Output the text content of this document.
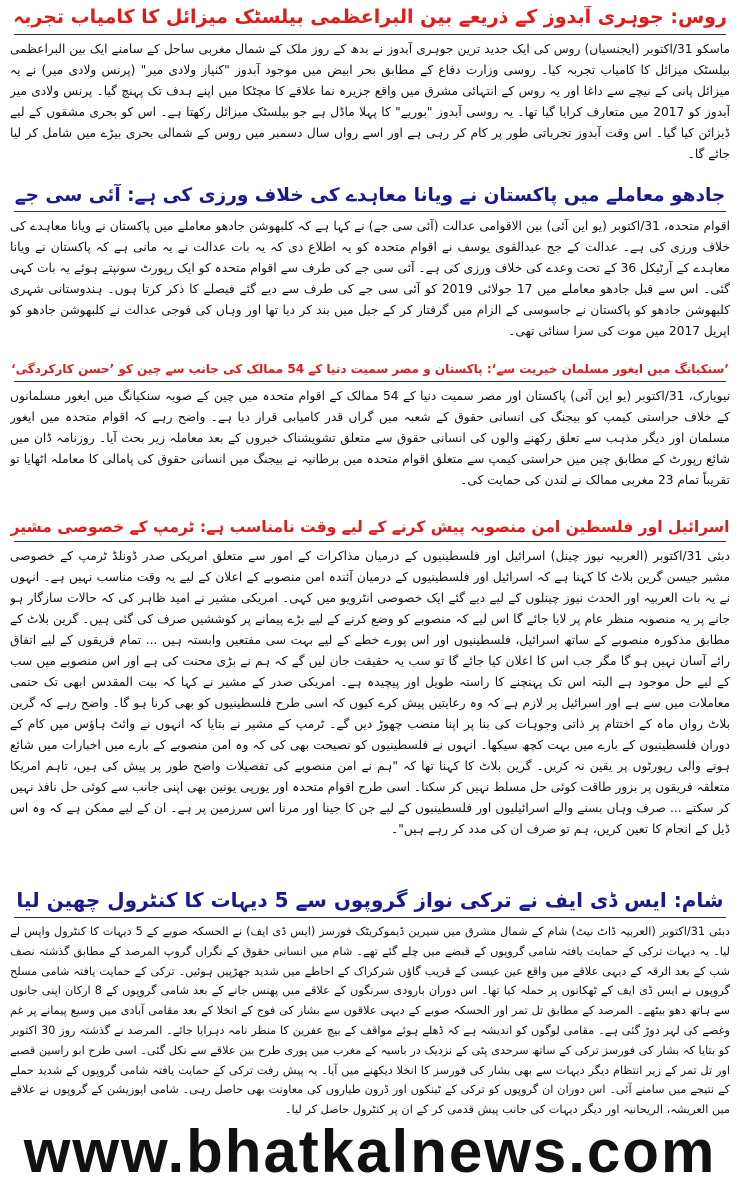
روس: جوہری آبدوز کے ذریعے بین البراعظمی بیلسٹک میزائل کا کامیاب تجربہ

ماسکو 31/اکتوبر (ایجنسیاں) روس کی ایک جدید ترین جوہری آبدوز نے بدھ کے روز ملک کے شمال مغربی ساحل کے سامنے ایک بین البراعظمی بیلسٹک میزائل کا کامیاب تجربہ کیا۔ روسی وزارت دفاع کے مطابق بحر ابیض میں موجود آبدوز "کنیاز ولادی میر" (پرنس ولادی میر) نے یہ میزائل پانی کے نیچے سے داغا اور یہ روس کے انتہائی مشرق میں واقع جزیرہ نما علاقے کا مچٹکا میں اپنے ہدف تک پہنچ گیا۔ پرنس ولادی میر آبدوز کو 2017 میں متعارف کرایا گیا تھا۔ یہ روسی آبدوز "بوریے" کا پہلا ماڈل ہے جو بیلسٹک میزائل رکھتا ہے۔ اس کو بحری مشقوں کے لیے ڈیزائن کیا گیا۔ اس وقت آبدوز تجرباتی طور پر کام کر رہی ہے اور اسے رواں سال دسمبر میں روس کے شمالی بحری بیڑے میں شامل کر لیا جائے گا۔

جادھو معاملے میں پاکستان نے ویانا معاہدے کی خلاف ورزی کی ہے: آئی سی جے

اقوام متحدہ، 31/اکتوبر (یو این آئی) بین الاقوامی عدالت (آئی سی جے) نے کہا ہے کہ کلبھوشن جادھو معاملے میں پاکستان نے ویانا معاہدے کی خلاف ورزی کی ہے۔ عدالت کے جج عبدالقوی یوسف نے اقوام متحدہ کو یہ اطلاع دی کہ یہ بات عدالت نے یہ مانی ہے کہ پاکستان نے ویانا معاہدے کے آرٹیکل 36 کے تحت وعدے کی خلاف ورزی کی ہے۔ آئی سی جے کی طرف سے اقوام متحدہ کو ایک رپورٹ سونپتے ہوئے یہ بات کہی گئی۔ اس سے قبل جادھو معاملے میں 17 جولائی 2019 کو آئی سی جے کی طرف سے دیے گئے فیصلے کا ذکر کرتا ہوں۔ ہندوستانی شہری کلبھوشن جادھو کو پاکستان نے جاسوسی کے الزام میں گرفتار کر کے جیل میں بند کر دیا تھا اور وہاں کی فوجی عدالت نے کلبھوشن جادھو کو اپریل 2017 میں موت کی سزا سنائی تھی۔

’سنکیانگ میں ایغور مسلمان خیریت سے‘: پاکستان و مصر سمیت دنیا کے 54 ممالک کی جانب سے چین کو ’حسن کارکردگی‘

نیویارک، 31/اکتوبر (یو این آئی) پاکستان اور مصر سمیت دنیا کے 54 ممالک کے اقوام متحدہ میں چین کے صوبہ سنکیانگ میں ایغور مسلمانوں کے خلاف حراستی کیمپ کو بیجنگ کی انسانی حقوق کے شعبہ میں گراں قدر کامیابی قرار دیا ہے۔ واضح رہے کہ اقوام متحدہ میں ایغور مسلمان اور دیگر مذہب سے تعلق رکھنے والوں کی انسانی حقوق سے متعلق تشویشناک خبروں کے بعد معاملہ زیر بحث آیا۔ روزنامہ ڈان میں شائع رپورٹ کے مطابق چین میں حراستی کیمپ سے متعلق اقوام متحدہ میں برطانیہ نے بیجنگ میں انسانی حقوق کی پامالی کا معاملہ اٹھایا تو تقریباً تمام 23 مغربی ممالک نے لندن کی حمایت کی۔

اسرائیل اور فلسطین امن منصوبہ پیش کرنے کے لیے وقت نامناسب ہے: ٹرمپ کے خصوصی مشیر

دبئی 31/اکتوبر (العربیہ نیوز چینل) اسرائیل اور فلسطینیوں کے درمیان مذاکرات کے امور سے متعلق امریکی صدر ڈونلڈ ٹرمپ کے خصوصی مشیر جیسن گرین بلاٹ کا کہنا ہے کہ اسرائیل اور فلسطینیوں کے درمیان آئندہ امن منصوبے کے اعلان کے لیے یہ وقت مناسب نہیں ہے۔ انہوں نے یہ بات العربیہ اور الحدث نیوز چینلوں کے لیے دیے گئے ایک خصوصی انٹرویو میں کہی۔ امریکی مشیر نے امید ظاہر کی کہ حالات سازگار ہو جانے پر یہ منصوبہ منظر عام پر لایا جائے گا اس لیے کہ منصوبے کو وضع کرنے کے لیے بڑے پیمانے پر کوششیں صرف کی گئی ہیں۔ گرین بلاٹ کے مطابق مذکورہ منصوبے کے ساتھ اسرائیل، فلسطینیوں اور اس پورے خطے کے لیے بہت سی مفتعیں وابستہ ہیں ... تمام فریقوں کے لیے اتفاق رائے آسان نہیں ہو گا مگر جب اس کا اعلان کیا جائے گا تو سب یہ حقیقت جان لیں گے کہ ہم نے بڑی محنت کی ہے اور اس منصوبے میں سب کے لیے حل موجود ہے البتہ اس تک پہنچنے کا راستہ طویل اور پیچیدہ ہے۔ امریکی صدر کے مشیر نے کہا کہ بیت المقدس ابھی تک حتمی معاملات میں سے ہے اور اسرائیل پر لازم ہے کہ وہ رعایتیں پیش کرے کیوں کہ اسی طرح فلسطینیوں کو بھی کرنا ہو گا۔ واضح رہے کہ گرین بلاٹ رواں ماہ کے اختتام پر ذاتی وجوہات کی بنا پر اپنا منصب چھوڑ دیں گے۔ ٹرمپ کے مشیر نے بتایا کہ انہوں نے وائٹ ہاؤس میں کام کے دوران فلسطینیوں کے بارے میں بہت کچھ سیکھا۔ انہوں نے فلسطینیوں کو نصیحت بھی کی کہ وہ امن منصوبے کے بارے میں اخبارات میں شائع ہونے والی رپورٹوں پر یقین نہ کریں۔ گرین بلاٹ کا کہنا تھا کہ "ہم نے امن منصوبے کی تفصیلات واضح طور پر پیش کی ہیں، تاہم امریکا متعلقہ فریقوں پر بزور طاقت کوئی حل مسلط نہیں کر سکتا۔ اسی طرح اقوام متحدہ اور یورپی یونین بھی اپنی جانب سے کوئی حل نافذ نہیں کر سکتے ... صرف وہاں بسنے والے اسرائیلیوں اور فلسطینیوں کے لیے جن کا جینا اور مرنا اس سرزمین پر ہے۔ ان کے لیے ممکن ہے کہ وہ اس ڈیل کے انجام کا تعین کریں، ہم تو صرف ان کی مدد کر رہے ہیں"۔

شام: ایس ڈی ایف نے ترکی نواز گروپوں سے 5 دیہات کا کنٹرول چھین لیا

دبئی 31/اکتوبر (العربیہ ڈاٹ نیٹ) شام کے شمال مشرق میں سیرین ڈیموکریٹک فورسز (ایس ڈی ایف) نے الحسکہ صوبے کے 5 دیہات کا کنٹرول واپس لے لیا۔ یہ دیہات ترکی کے حمایت یافتہ شامی گروپوں کے قبضے میں چلے گئے تھے۔ شام میں انسانی حقوق کے نگراں گروپ المرصد کے مطابق گذشتہ نصف شب کے بعد الرقہ کے دیہی علاقے میں واقع عین عیسی کے قریب گاؤں شرکراک کے احاطے میں شدید جھڑپیں ہوئیں۔ ترکی کے حمایت یافتہ شامی مسلح گروپوں نے ایس ڈی ایف کے ٹھکانوں پر حملہ کیا تھا۔ اس دوران بارودی سرنگوں کے علاقے میں پھنس جانے کے بعد شامی گروپوں کے 8 ارکان اپنی جانوں سے ہاتھ دھو بیٹھے۔ المرصد کے مطابق تل تمر اور الحسکہ صوبے کے دیہی علاقوں سے بشار کی فوج کے انخلا کے بعد مقامی آبادی میں وسیع پیمانے پر غم وغصے کی لہر دوڑ گئی ہے۔ مقامی لوگوں کو اندیشہ ہے کہ ڈھلے ہوئے مواقف کے بیچ عفرین کا منظر نامہ دہرایا جائے۔ المرصد نے گذشتہ روز 30 اکتوبر کو بتایا کہ بشار کی فورسز ترکی کے ساتھ سرحدی پٹی کے نزدیک در باسیہ کے مغرب میں پوری طرح بین علاقے سے نکل گئی۔ اسی طرح ابو راسین قصبے اور تل تمر کے زیر انتظام دیگر دیہات سے بھی بشار کی فورسز کا انخلا دیکھنے میں آیا۔ یہ پیش رفت ترکی کے حمایت یافتہ شامی گروپوں کے شدید حملے کے نتیجے میں سامنے آئی۔ اس دوران ان گروپوں کو ترکی کے ٹینکوں اور ڈرون طیاروں کی معاونت بھی حاصل رہی۔ شامی اپوزیشن کے گروپوں نے علاقے میں العریشہ، الریحانیہ اور دیگر دیہات کی جانب پیش قدمی کر کے ان پر کنٹرول حاصل کر لیا۔

www.bhatkalnews.com
